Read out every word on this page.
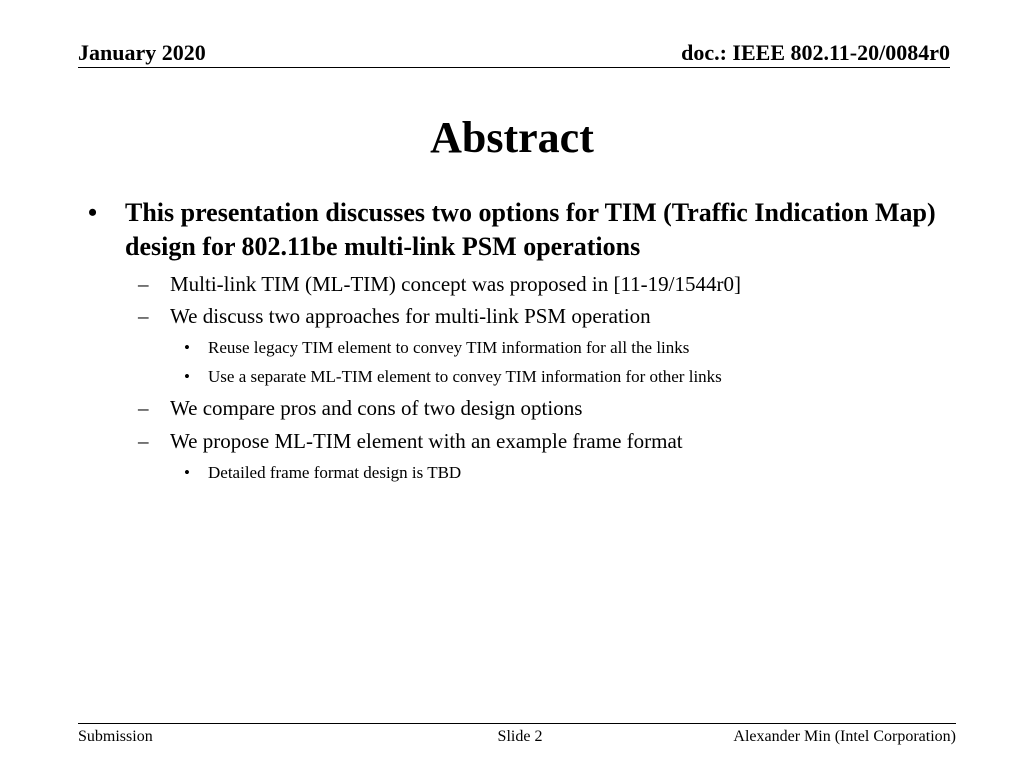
January 2020	doc.: IEEE 802.11-20/0084r0
Abstract
• This presentation discusses two options for TIM (Traffic Indication Map) design for 802.11be multi-link PSM operations
– Multi-link TIM (ML-TIM) concept was proposed in [11-19/1544r0]
– We discuss two approaches for multi-link PSM operation
• Reuse legacy TIM element to convey TIM information for all the links
• Use a separate ML-TIM element to convey TIM information for other links
– We compare pros and cons of two design options
– We propose ML-TIM element with an example frame format
• Detailed frame format design is TBD
Submission	Slide 2	Alexander Min (Intel Corporation)
